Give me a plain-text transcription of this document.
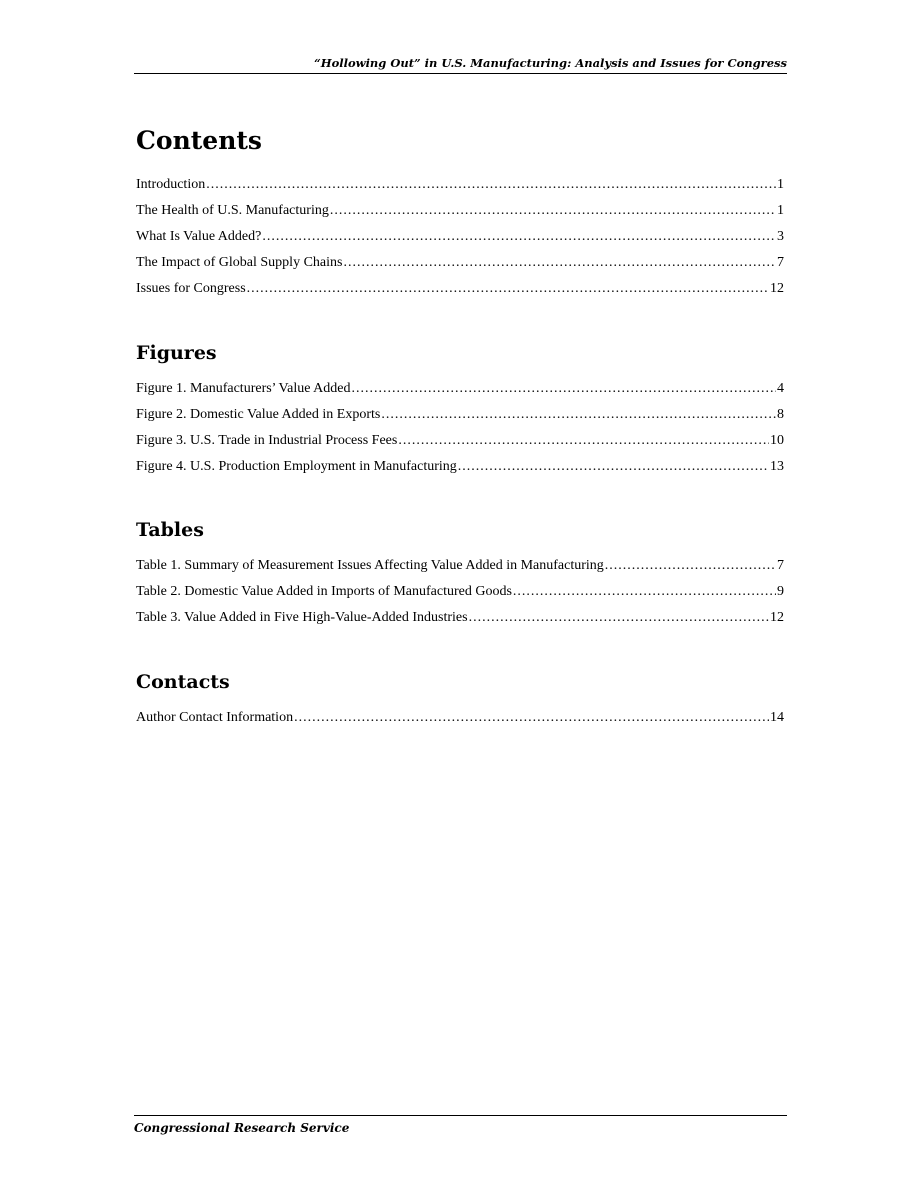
“Hollowing Out” in U.S. Manufacturing: Analysis and Issues for Congress
Contents
Introduction .....	1
The Health of U.S. Manufacturing .....	1
What Is Value Added? .....	3
The Impact of Global Supply Chains .....	7
Issues for Congress .....	12
Figures
Figure 1. Manufacturers’ Value Added .....	4
Figure 2. Domestic Value Added in Exports .....	8
Figure 3. U.S. Trade in Industrial Process Fees .....	10
Figure 4. U.S. Production Employment in Manufacturing .....	13
Tables
Table 1. Summary of Measurement Issues Affecting Value Added in Manufacturing .....	7
Table 2. Domestic Value Added in Imports of Manufactured Goods .....	9
Table 3. Value Added in Five High-Value-Added Industries .....	12
Contacts
Author Contact Information .....	14
Congressional Research Service
